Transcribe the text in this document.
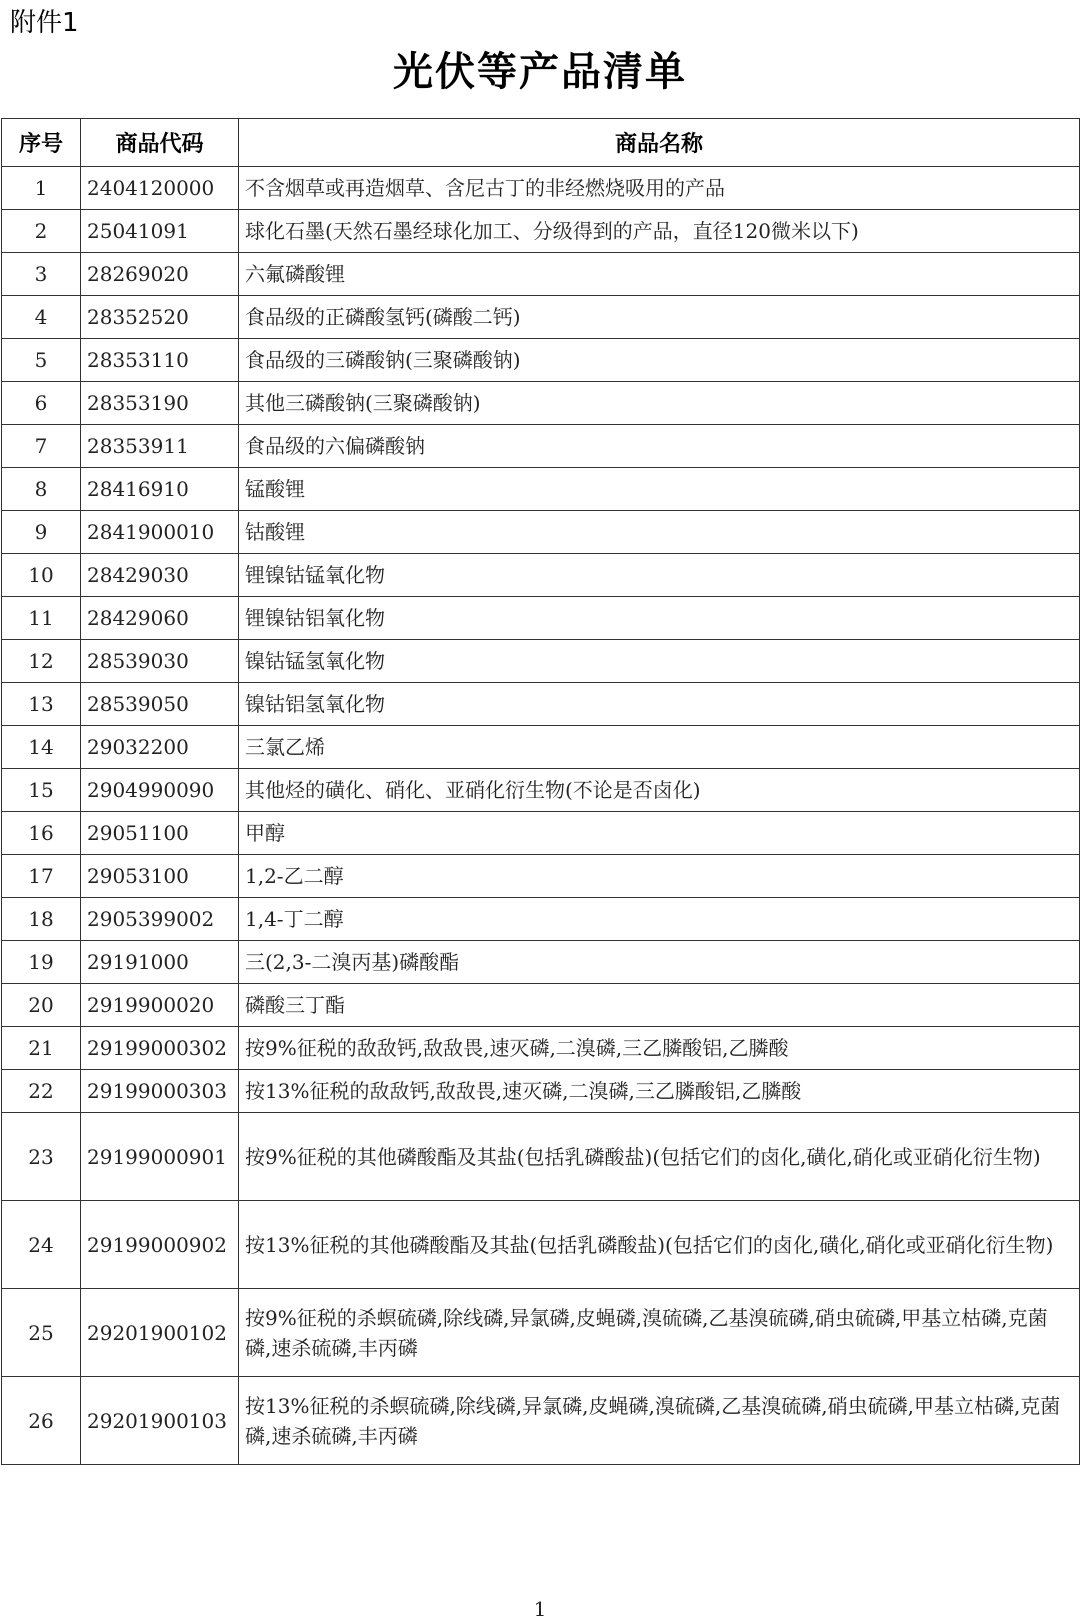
附件1
光伏等产品清单
序号	商品代码	商品名称
1	2404120000	不含烟草或再造烟草、含尼古丁的非经燃烧吸用的产品
2	25041091	球化石墨(天然石墨经球化加工、分级得到的产品，直径120微米以下)
3	28269020	六氟磷酸锂
4	28352520	食品级的正磷酸氢钙(磷酸二钙)
5	28353110	食品级的三磷酸钠(三聚磷酸钠)
6	28353190	其他三磷酸钠(三聚磷酸钠)
7	28353911	食品级的六偏磷酸钠
8	28416910	锰酸锂
9	2841900010	钴酸锂
10	28429030	锂镍钴锰氧化物
11	28429060	锂镍钴铝氧化物
12	28539030	镍钴锰氢氧化物
13	28539050	镍钴铝氢氧化物
14	29032200	三氯乙烯
15	2904990090	其他烃的磺化、硝化、亚硝化衍生物(不论是否卤化)
16	29051100	甲醇
17	29053100	1,2-乙二醇
18	2905399002	1,4-丁二醇
19	29191000	三(2,3-二溴丙基)磷酸酯
20	2919900020	磷酸三丁酯
21	29199000302	按9%征税的敌敌钙,敌敌畏,速灭磷,二溴磷,三乙膦酸铝,乙膦酸
22	29199000303	按13%征税的敌敌钙,敌敌畏,速灭磷,二溴磷,三乙膦酸铝,乙膦酸
23	29199000901	按9%征税的其他磷酸酯及其盐(包括乳磷酸盐)(包括它们的卤化,磺化,硝化或亚硝化衍生物)
24	29199000902	按13%征税的其他磷酸酯及其盐(包括乳磷酸盐)(包括它们的卤化,磺化,硝化或亚硝化衍生物)
25	29201900102	按9%征税的杀螟硫磷,除线磷,异氯磷,皮蝇磷,溴硫磷,乙基溴硫磷,硝虫硫磷,甲基立枯磷,克菌磷,速杀硫磷,丰丙磷
26	29201900103	按13%征税的杀螟硫磷,除线磷,异氯磷,皮蝇磷,溴硫磷,乙基溴硫磷,硝虫硫磷,甲基立枯磷,克菌磷,速杀硫磷,丰丙磷
1
